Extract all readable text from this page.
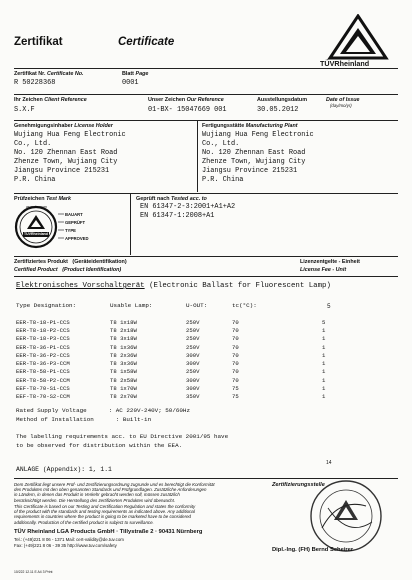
Zertifikat	Certificate
TÜVRheinland
Zertifikat Nr. Certificate No.
R 50228368
Blatt Page
0001
Ihr Zeichen Client Reference
S.X.F
Unser Zeichen Our Reference
01-BX- 15047669 001
Ausstellungsdatum	Date of Issue
(day/mo/yr)
30.05.2012
Genehmigungsinhaber License Holder
Wujiang Hua Feng Electronic
Co., Ltd.
No. 120 Zhennan East Road
Zhenze Town, Wujiang City
Jiangsu Province 215231
P.R. China
Fertigungsstätte Manufacturing Plant
Wujiang Hua Feng Electronic
Co., Ltd.
No. 120 Zhennan East Road
Zhenze Town, Wujiang City
Jiangsu Province 215231
P.R. China
Prüfzeichen Test Mark
www.tuv.com
TÜVRheinland
BAUART
GEPRÜFT
TYPE
APPROVED
Geprüft nach Tested acc. to
EN 61347-2-3:2001+A1+A2
EN 61347-1:2008+A1
Zertifiziertes Produkt (Geräteidentifikation)
Certified Product (Product Identification)
Lizenzentgelte - Einheit
License Fee - Unit
Elektronisches Vorschaltgerät (Electronic Ballast for Fluorescent Lamp)
5
Type Designation:	Usable Lamp:	U-OUT:	tc(°C):
EER-T8-18-P1-CCS	T8 1x18W	250V	70	5
EER-T8-18-P2-CCS	T8 2x18W	250V	70	1
EER-T8-18-P3-CCS	T8 3x18W	250V	70	1
EER-T8-36-P1-CCS	T8 1x36W	250V	70	1
EER-T8-36-P2-CCS	T8 2x36W	300V	70	1
EER-T8-36-P3-CCM	T8 3x36W	300V	70	1
EER-T8-58-P1-CCS	T8 1x58W	250V	70	1
EER-T8-58-P2-CCM	T8 2x58W	300V	70	1
EEF-T8-70-S1-CCS	T8 1x70W	300V	75	1
EEF-T8-70-S2-CCM	T8 2x70W	350V	75	1
Rated Supply Voltage	: AC 220V-240V; 50/60Hz
Method of Installation	: Built-in
The labelling requirements acc. to EU Directive 2001/95 have
to be observed for distribution within the EEA.
ANLAGE (Appendix): 1, 1.1
14
Dem Zertifikat liegt unsere Prüf- und Zertifizierungsordnung zugrunde und es berechtigt die Konformität
des Produktes mit den oben genannten Standards und Prüfgrundlagen. Zusätzliche Anforderungen
in Ländern, in denen das Produkt in Verkehr gebracht werden soll, müssen zusätzlich
berücksichtigt werden. Die Herstellung des zertifizierten Produktes wird überwacht.
This Certificate is based on our Testing and Certification Regulation and states the conformity
of the product with the standards and testing requirements as indicated above. Any additional
requirements in countries where the product is going to be marketed have to be considered
additionally. Production of the certified product is subject to surveillance.
TÜV Rheinland LGA Products GmbH · Tillystraße 2 · 90431 Nürnberg
Tel.: (+49)221 8 06 - 1371 Mail: cert-validity@de.tuv.com
Fax: (+49)221 8 06 - 39 35 http://www.tuv.com/safety
10/222 12.11 E A4 3 Print
Zertifizierungsstelle
Dipl.-Ing. (FH) Bernd Scheirer
